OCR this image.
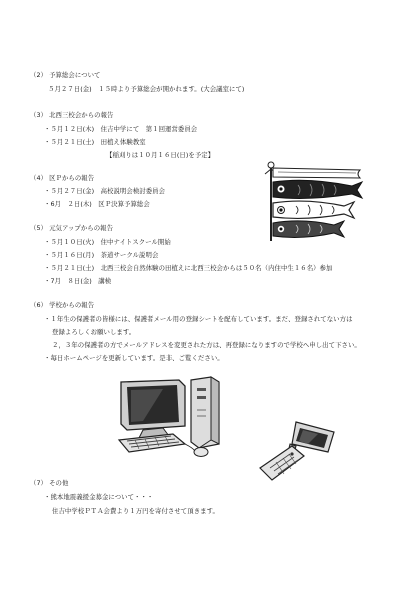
（2） 予算総会について
５月２７日(金)　１５時より予算総会が開かれます。(大会議室にて)
（3） 北西三校会からの報告
・５月１２日(木)　住吉中学にて　第１回運営委員会
・５月２１日(土)　田植え体験教室
【稲刈りは１０月１６日(日)を予定】
（4） 区Ｐからの報告
・５月２７日(金)　高校説明会検討委員会
・6月　２日(木)　区Ｐ決算予算総会
（5） 元気アップからの報告
・５月１０日(火)　住中ナイトスクール開始
・５月１６日(月)　茶道サークル説明会
・５月２１日(土)　北西三校会自然体験の田植えに北西三校会からは５０名（内住中生１６名）参加
・7月　８日(金)　講検
（6） 学校からの報告
・１年生の保護者の皆様には、保護者メール用の登録シートを配布しています。まだ、登録されてない方は
登録よろしくお願いします。
２，３年の保護者の方でメールアドレスを変更された方は、再登録になりますので学校へ申し出て下さい。
・毎日ホームページを更新しています。是非、ご覧ください。
（7） その他
・熊本地震義援金募金について・・・
住吉中学校ＰＴＡ会費より１万円を寄付させて頂きます。
